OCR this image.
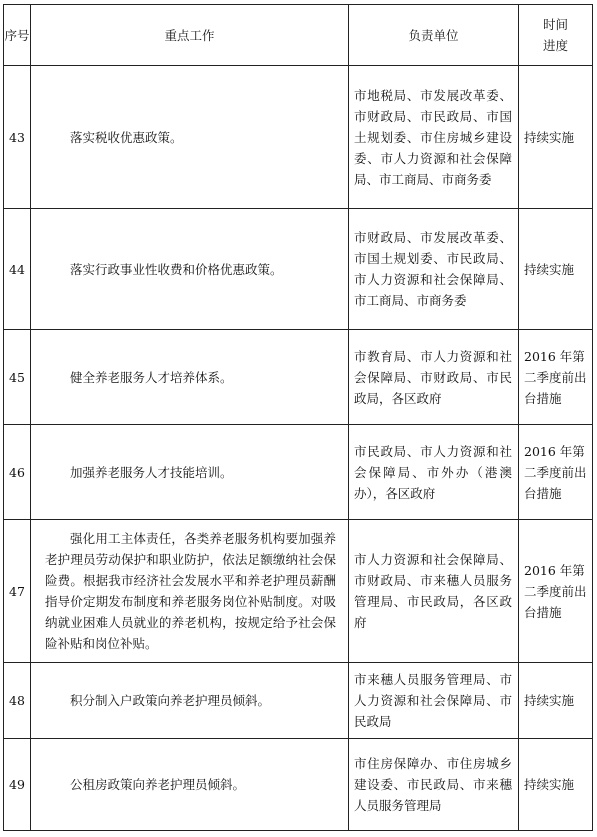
序号	重点工作	负责单位	时间
进度
43	落实税收优惠政策。	市地税局、市发展改革委、市财政局、市民政局、市国土规划委、市住房城乡建设委、市人力资源和社会保障局、市工商局、市商务委	持续实施
44	落实行政事业性收费和价格优惠政策。	市财政局、市发展改革委、市国土规划委、市民政局、市人力资源和社会保障局、市工商局、市商务委	持续实施
45	健全养老服务人才培养体系。	市教育局、市人力资源和社会保障局、市财政局、市民政局，各区政府	2016 年第二季度前出台措施
46	加强养老服务人才技能培训。	市民政局、市人力资源和社会保障局、市外办（港澳办），各区政府	2016 年第二季度前出台措施
47	强化用工主体责任，各类养老服务机构要加强养老护理员劳动保护和职业防护，依法足额缴纳社会保险费。根据我市经济社会发展水平和养老护理员薪酬指导价定期发布制度和养老服务岗位补贴制度。对吸纳就业困难人员就业的养老机构，按规定给予社会保险补贴和岗位补贴。	市人力资源和社会保障局、市财政局、市来穗人员服务管理局、市民政局，各区政府	2016 年第二季度前出台措施
48	积分制入户政策向养老护理员倾斜。	市来穗人员服务管理局、市人力资源和社会保障局、市民政局	持续实施
49	公租房政策向养老护理员倾斜。	市住房保障办、市住房城乡建设委、市民政局、市来穗人员服务管理局	持续实施
